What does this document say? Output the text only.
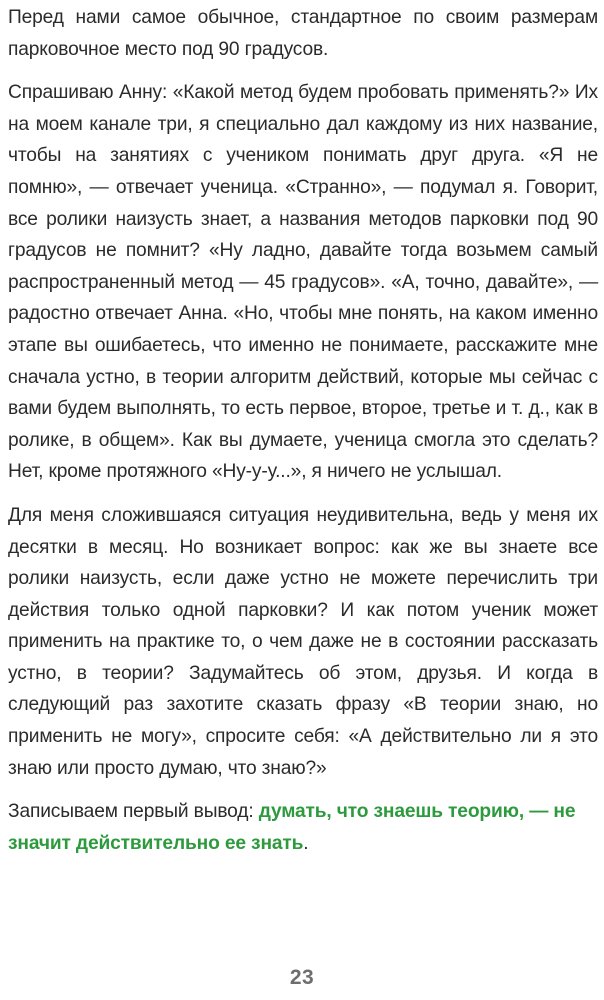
Перед нами самое обычное, стандартное по своим размерам парковочное место под 90 градусов.

Спрашиваю Анну: «Какой метод будем пробовать применять?» Их на моем канале три, я специально дал каждому из них название, чтобы на занятиях с учеником понимать друг друга. «Я не помню», — отвечает ученица. «Странно», — подумал я. Говорит, все ролики наизусть знает, а названия методов парковки под 90 градусов не помнит? «Ну ладно, давайте тогда возьмем самый распространенный метод — 45 градусов». «А, точно, давайте», — радостно отвечает Анна. «Но, чтобы мне понять, на каком именно этапе вы ошибаетесь, что именно не понимаете, расскажите мне сначала устно, в теории алгоритм действий, которые мы сейчас с вами будем выполнять, то есть первое, второе, третье и т. д., как в ролике, в общем». Как вы думаете, ученица смогла это сделать? Нет, кроме протяжного «Ну-у-у...», я ничего не услышал.

Для меня сложившаяся ситуация неудивительна, ведь у меня их десятки в месяц. Но возникает вопрос: как же вы знаете все ролики наизусть, если даже устно не можете перечислить три действия только одной парковки? И как потом ученик может применить на практике то, о чем даже не в состоянии рассказать устно, в теории? Задумайтесь об этом, друзья. И когда в следующий раз захотите сказать фразу «В теории знаю, но применить не могу», спросите себя: «А действительно ли я это знаю или просто думаю, что знаю?»

Записываем первый вывод: думать, что знаешь теорию, — не значит действительно ее знать.

23
